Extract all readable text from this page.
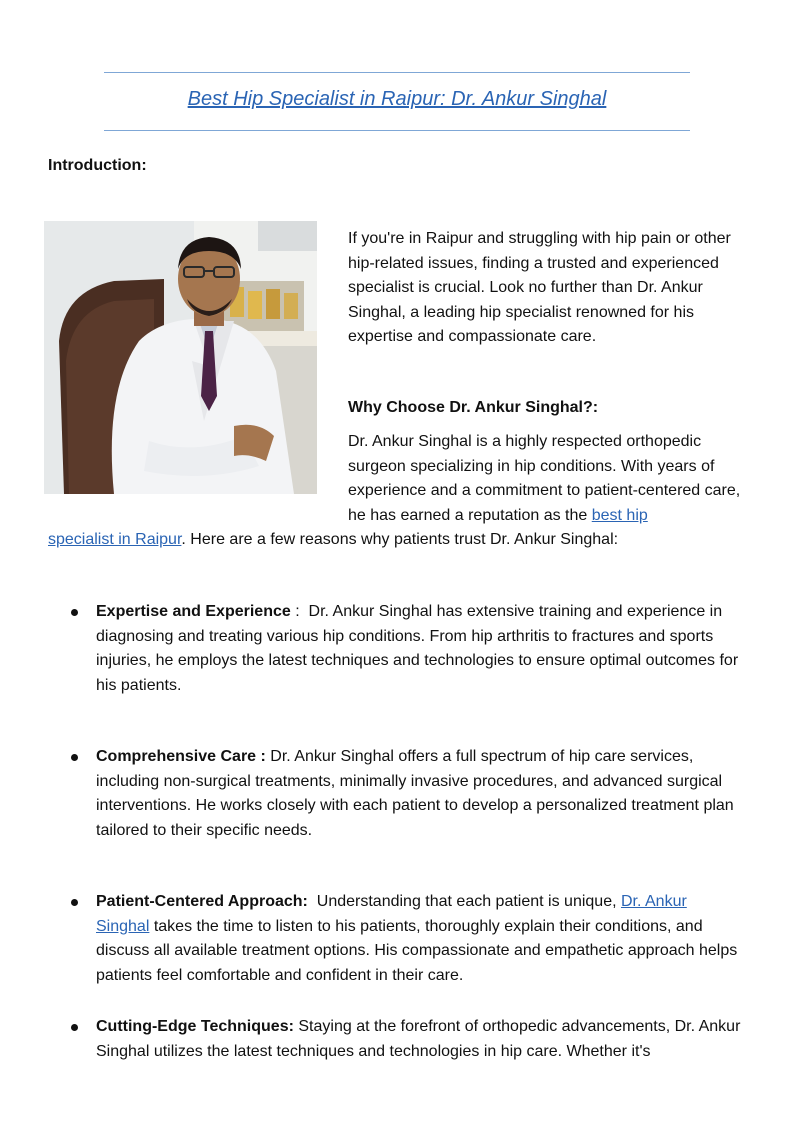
Best Hip Specialist in Raipur: Dr. Ankur Singhal
Introduction:
If you're in Raipur and struggling with hip pain or other hip-related issues, finding a trusted and experienced specialist is crucial. Look no further than Dr. Ankur Singhal, a leading hip specialist renowned for his expertise and compassionate care.
Why Choose Dr. Ankur Singhal?:
Dr. Ankur Singhal is a highly respected orthopedic surgeon specializing in hip conditions. With years of experience and a commitment to patient-centered care, he has earned a reputation as the best hip
specialist in Raipur. Here are a few reasons why patients trust Dr. Ankur Singhal:
Expertise and Experience :  Dr. Ankur Singhal has extensive training and experience in diagnosing and treating various hip conditions. From hip arthritis to fractures and sports injuries, he employs the latest techniques and technologies to ensure optimal outcomes for his patients.
Comprehensive Care : Dr. Ankur Singhal offers a full spectrum of hip care services, including non-surgical treatments, minimally invasive procedures, and advanced surgical interventions. He works closely with each patient to develop a personalized treatment plan tailored to their specific needs.
Patient-Centered Approach: Understanding that each patient is unique, Dr. Ankur
Singhal takes the time to listen to his patients, thoroughly explain their conditions, and discuss all available treatment options. His compassionate and empathetic approach helps patients feel comfortable and confident in their care.
Cutting-Edge Techniques: Staying at the forefront of orthopedic advancements, Dr. Ankur Singhal utilizes the latest techniques and technologies in hip care. Whether it's
